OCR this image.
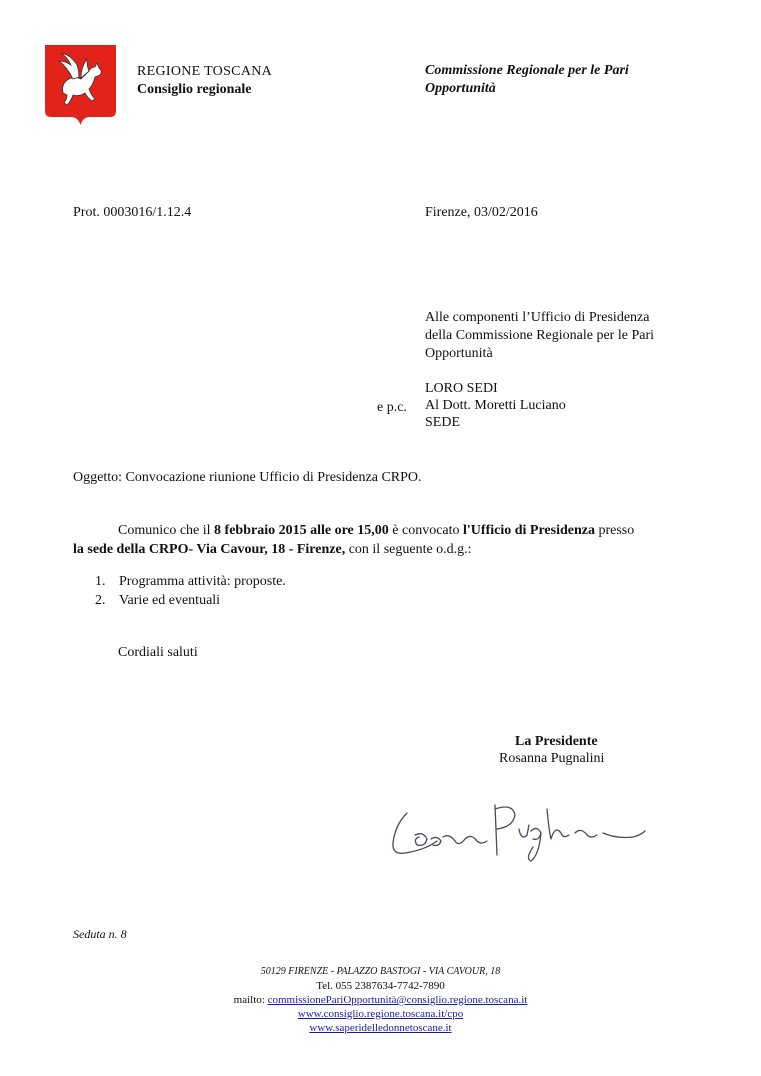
REGIONE TOSCANA
Consiglio regionale
Commissione Regionale per le Pari
Opportunità
Prot. 0003016/1.12.4	Firenze, 03/02/2016
Alle componenti l’Ufficio di Presidenza
della Commissione Regionale per le Pari
Opportunità
LORO SEDI
Al Dott. Moretti Luciano
SEDE
e p.c.
Oggetto: Convocazione riunione Ufficio di Presidenza CRPO.
Comunico che il 8 febbraio 2015 alle ore 15,00 è convocato l'Ufficio di Presidenza presso
la sede della CRPO- Via Cavour, 18 - Firenze, con il seguente o.d.g.:
1. Programma attività: proposte.
2. Varie ed eventuali
Cordiali saluti
La Presidente
Rosanna Pugnalini
Seduta n. 8
50129 FIRENZE - PALAZZO BASTOGI - VIA CAVOUR, 18
Tel. 055 2387634-7742-7890
mailto: commissionePariOpportunità@consiglio.regione.toscana.it
www.consiglio.regione.toscana.it/cpo
www.saperidelledonnetoscane.it
